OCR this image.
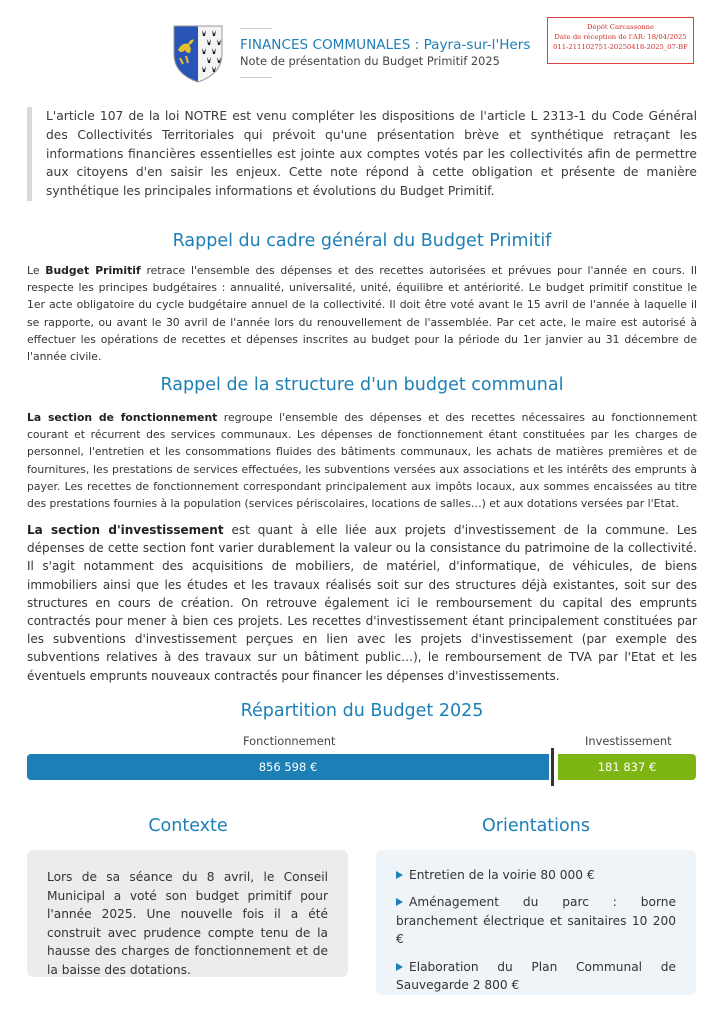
FINANCES COMMUNALES : Payra-sur-l'Hers
Note de présentation du Budget Primitif 2025
Dépôt Carcassonne
Date de réception de l'AR: 18/04/2025
011-211102751-20250418-2025_07-BF
L'article 107 de la loi NOTRE est venu compléter les dispositions de l'article L 2313-1 du Code Général des Collectivités Territoriales qui prévoit qu'une présentation brève et synthétique retraçant les informations financières essentielles est jointe aux comptes votés par les collectivités afin de permettre aux citoyens d'en saisir les enjeux. Cette note répond à cette obligation et présente de manière synthétique les principales informations et évolutions du Budget Primitif.
Rappel du cadre général du Budget Primitif

Le Budget Primitif retrace l'ensemble des dépenses et des recettes autorisées et prévues pour l'année en cours. Il respecte les principes budgétaires : annualité, universalité, unité, équilibre et antériorité. Le budget primitif constitue le 1er acte obligatoire du cycle budgétaire annuel de la collectivité. Il doit être voté avant le 15 avril de l'année à laquelle il se rapporte, ou avant le 30 avril de l'année lors du renouvellement de l'assemblée. Par cet acte, le maire est autorisé à effectuer les opérations de recettes et dépenses inscrites au budget pour la période du 1er janvier au 31 décembre de l'année civile.

Rappel de la structure d'un budget communal

La section de fonctionnement regroupe l'ensemble des dépenses et des recettes nécessaires au fonctionnement courant et récurrent des services communaux. Les dépenses de fonctionnement étant constituées par les charges de personnel, l'entretien et les consommations fluides des bâtiments communaux, les achats de matières premières et de fournitures, les prestations de services effectuées, les subventions versées aux associations et les intérêts des emprunts à payer. Les recettes de fonctionnement correspondant principalement aux impôts locaux, aux sommes encaissées au titre des prestations fournies à la population (services périscolaires, locations de salles…) et aux dotations versées par l'Etat.

La section d'investissement est quant à elle liée aux projets d'investissement de la commune. Les dépenses de cette section font varier durablement la valeur ou la consistance du patrimoine de la collectivité. Il s'agit notamment des acquisitions de mobiliers, de matériel, d'informatique, de véhicules, de biens immobiliers ainsi que les études et les travaux réalisés soit sur des structures déjà existantes, soit sur des structures en cours de création. On retrouve également ici le remboursement du capital des emprunts contractés pour mener à bien ces projets. Les recettes d'investissement étant principalement constituées par les subventions d'investissement perçues en lien avec les projets d'investissement (par exemple des subventions relatives à des travaux sur un bâtiment public…), le remboursement de TVA par l'Etat et les éventuels emprunts nouveaux contractés pour financer les dépenses d'investissements.

Répartition du Budget 2025
Fonctionnement	Investissement
856 598 €	181 837 €
Contexte	Orientations

Lors de sa séance du 8 avril, le Conseil Municipal a voté son budget primitif pour l'année 2025. Une nouvelle fois il a été construit avec prudence compte tenu de la hausse des charges de fonctionnement et de la baisse des dotations.

Entretien de la voirie 80 000 €

Aménagement du parc : borne branchement électrique et sanitaires 10 200 €

Elaboration du Plan Communal de Sauvegarde 2 800 €
